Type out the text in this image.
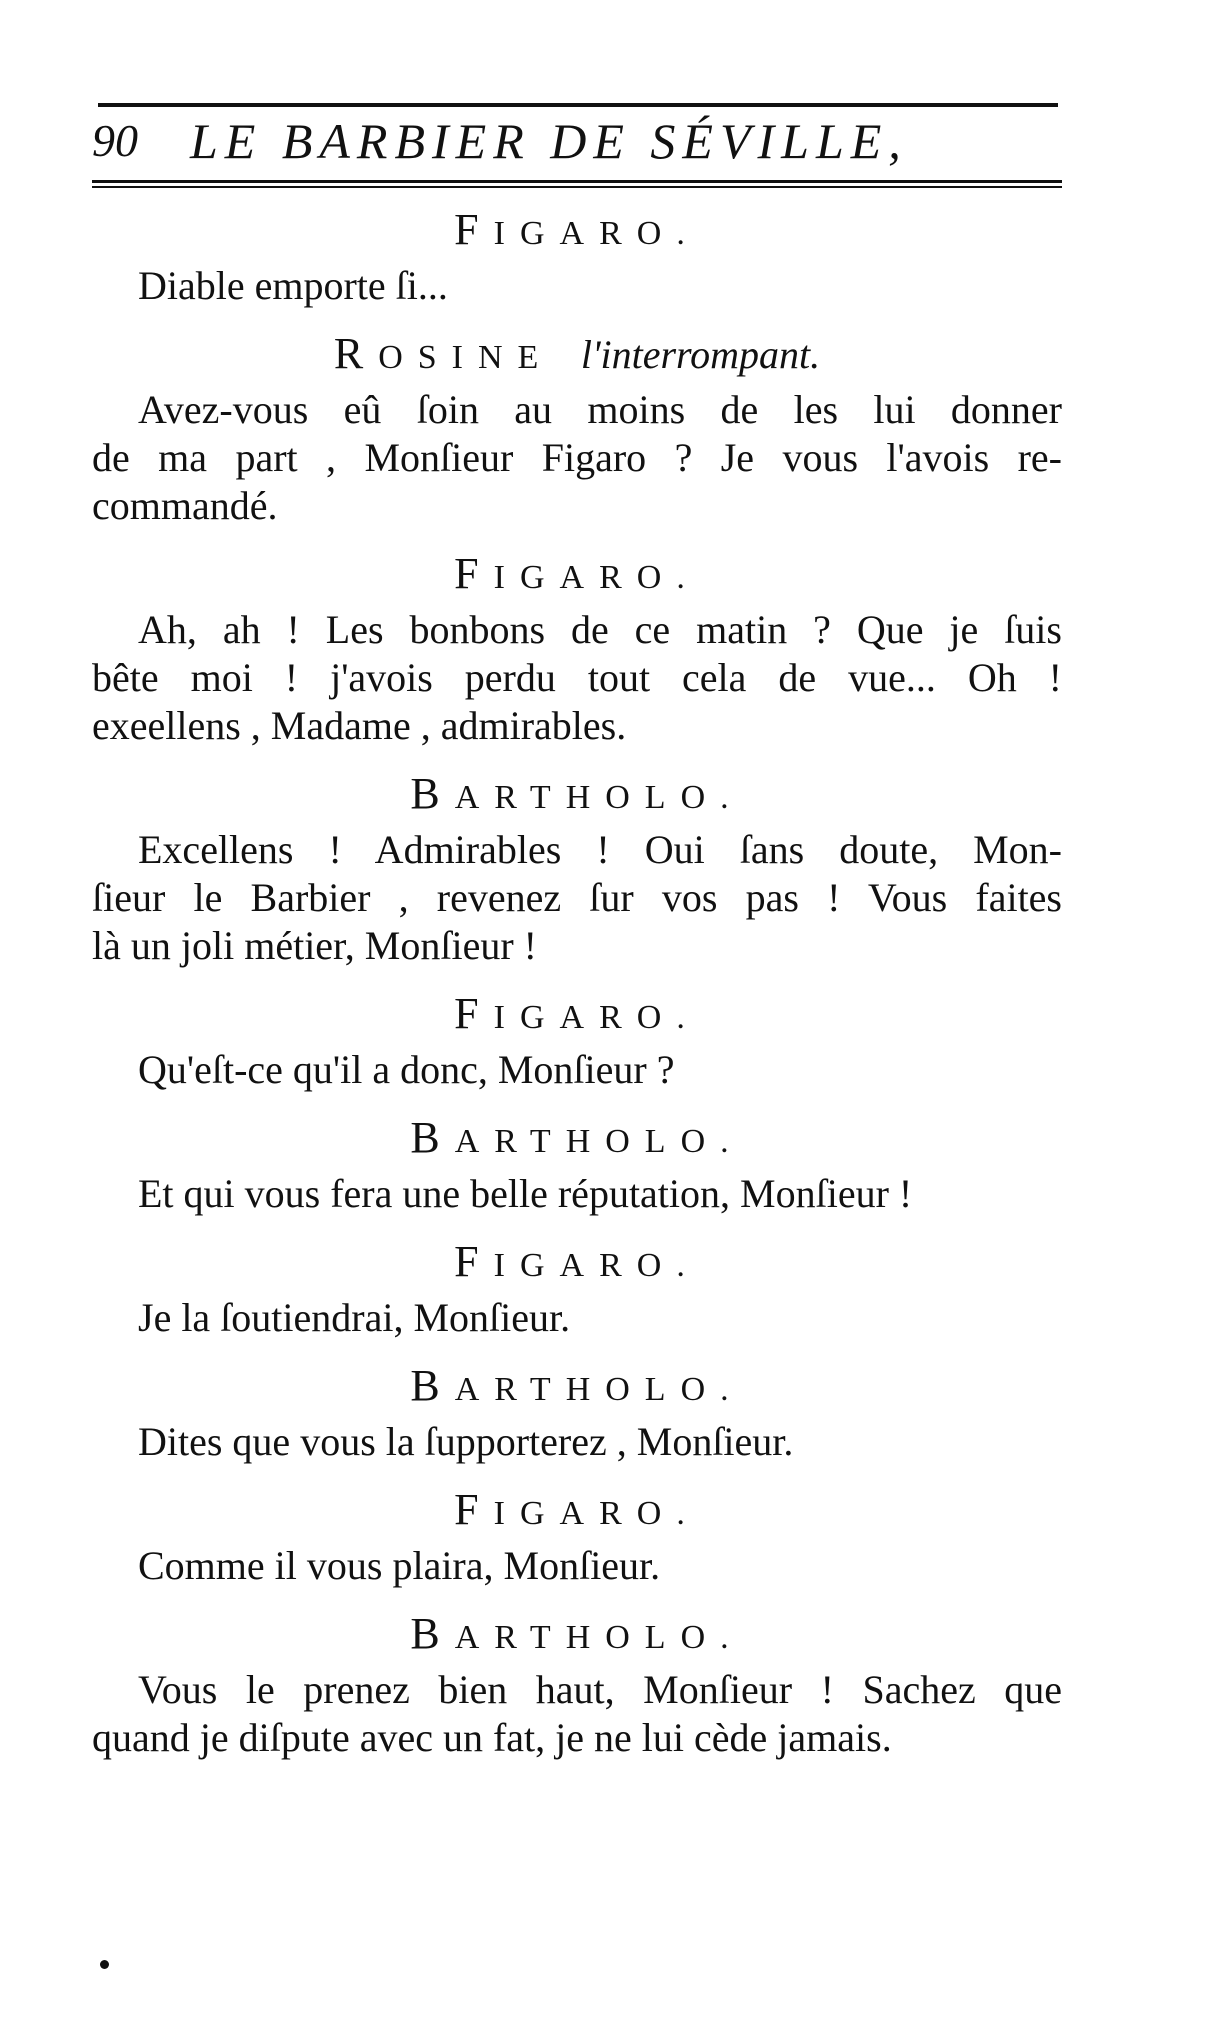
90 LE BARBIER DE SÉVILLE,
FIGARO.
Diable emporte ſi...
ROSINE l'interrompant.
Avez-vous eû ſoin au moins de les lui donner
de ma part , Monſieur Figaro ? Je vous l'avois re-
commandé.
FIGARO.
Ah, ah ! Les bonbons de ce matin ? Que je ſuis
bête moi ! j'avois perdu tout cela de vue... Oh !
exeellens , Madame , admirables.
BARTHOLO.
Excellens ! Admirables ! Oui ſans doute, Mon-
ſieur le Barbier , revenez ſur vos pas ! Vous faites
là un joli métier, Monſieur !
FIGARO.
Qu'eſt-ce qu'il a donc, Monſieur ?
BARTHOLO.
Et qui vous fera une belle réputation, Monſieur !
FIGARO.
Je la ſoutiendrai, Monſieur.
BARTHOLO.
Dites que vous la ſupporterez , Monſieur.
FIGARO.
Comme il vous plaira, Monſieur.
BARTHOLO.
Vous le prenez bien haut, Monſieur ! Sachez que
quand je diſpute avec un fat, je ne lui cède jamais.
